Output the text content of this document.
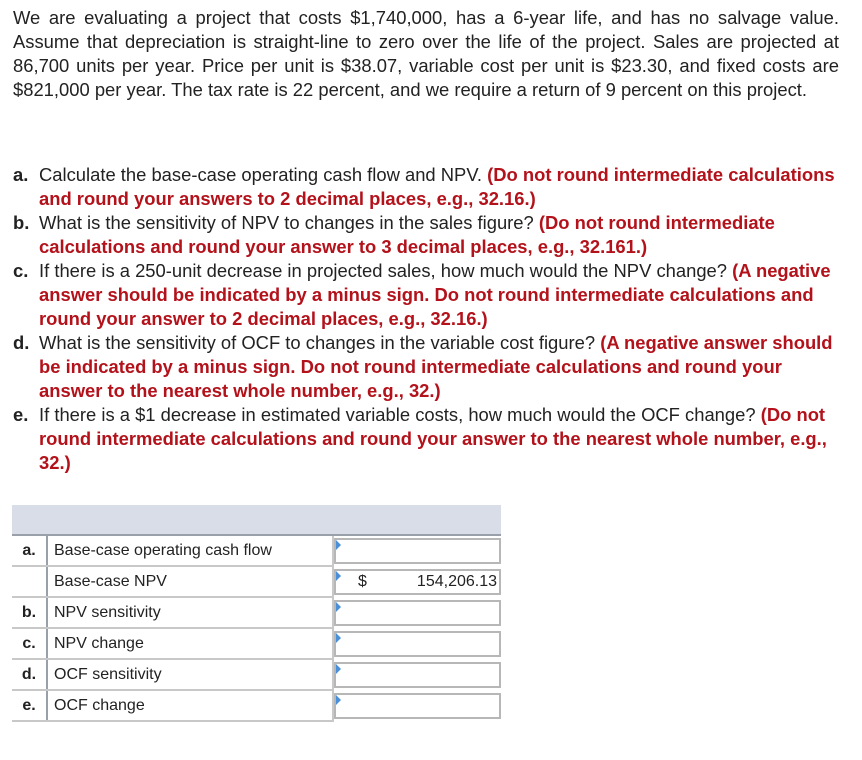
We are evaluating a project that costs $1,740,000, has a 6-year life, and has no salvage value. Assume that depreciation is straight-line to zero over the life of the project. Sales are projected at 86,700 units per year. Price per unit is $38.07, variable cost per unit is $23.30, and fixed costs are $821,000 per year. The tax rate is 22 percent, and we require a return of 9 percent on this project.

a. Calculate the base-case operating cash flow and NPV. (Do not round intermediate calculations and round your answers to 2 decimal places, e.g., 32.16.)
b. What is the sensitivity of NPV to changes in the sales figure? (Do not round intermediate calculations and round your answer to 3 decimal places, e.g., 32.161.)
c. If there is a 250-unit decrease in projected sales, how much would the NPV change? (A negative answer should be indicated by a minus sign. Do not round intermediate calculations and round your answer to 2 decimal places, e.g., 32.16.)
d. What is the sensitivity of OCF to changes in the variable cost figure? (A negative answer should be indicated by a minus sign. Do not round intermediate calculations and round your answer to the nearest whole number, e.g., 32.)
e. If there is a $1 decrease in estimated variable costs, how much would the OCF change? (Do not round intermediate calculations and round your answer to the nearest whole number, e.g., 32.)

a.	Base-case operating cash flow	

	Base-case NPV	$ 154,206.13

b.	NPV sensitivity	

c.	NPV change	

d.	OCF sensitivity	

e.	OCF change	
